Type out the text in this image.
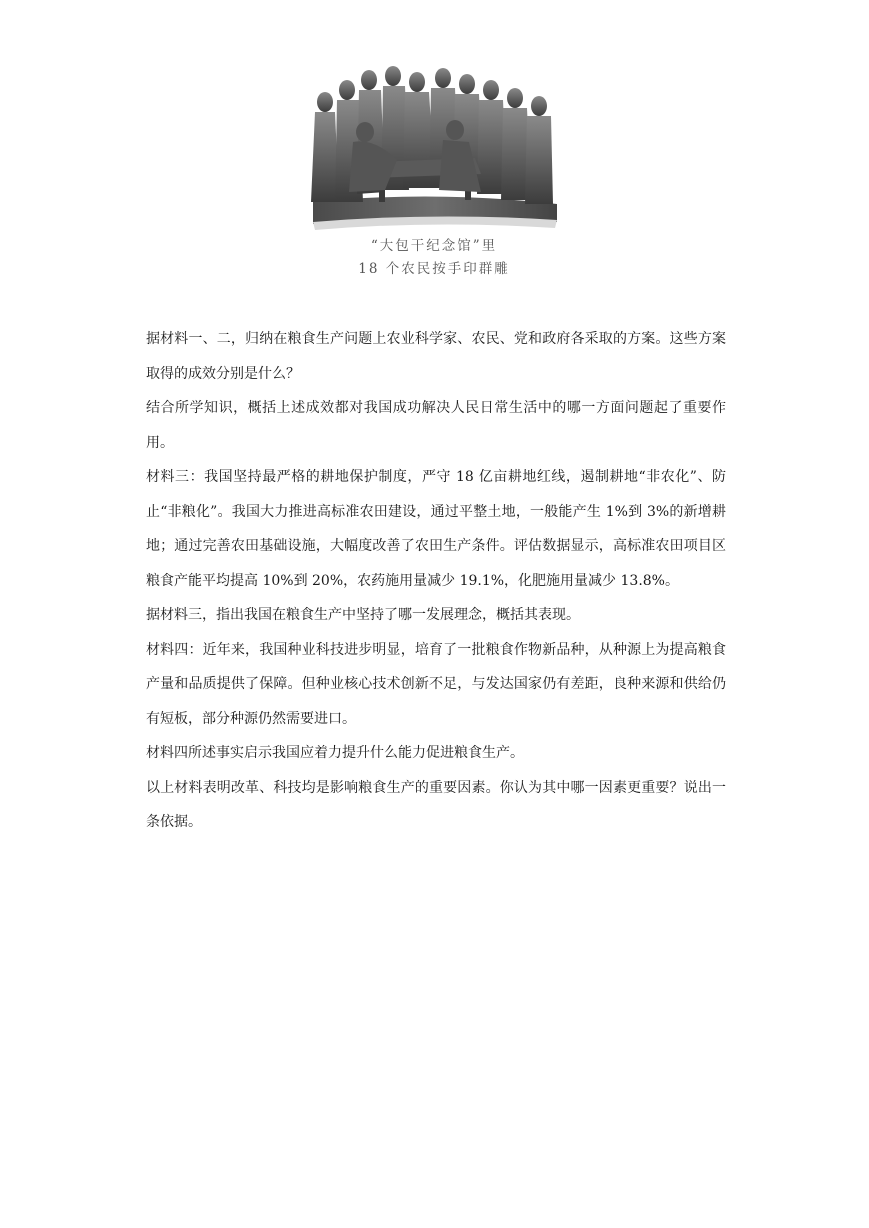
“大包干纪念馆”里
18 个农民按手印群雕

据材料一、二，归纳在粮食生产问题上农业科学家、农民、党和政府各采取的方案。这些方案取得的成效分别是什么？

结合所学知识，概括上述成效都对我国成功解决人民日常生活中的哪一方面问题起了重要作用。

材料三：我国坚持最严格的耕地保护制度，严守 18 亿亩耕地红线，遏制耕地“非农化”、防止“非粮化”。我国大力推进高标准农田建设，通过平整土地，一般能产生 1%到 3%的新增耕地；通过完善农田基础设施，大幅度改善了农田生产条件。评估数据显示，高标准农田项目区粮食产能平均提高 10%到 20%，农药施用量减少 19.1%，化肥施用量减少 13.8%。

据材料三，指出我国在粮食生产中坚持了哪一发展理念，概括其表现。

材料四：近年来，我国种业科技进步明显，培育了一批粮食作物新品种，从种源上为提高粮食产量和品质提供了保障。但种业核心技术创新不足，与发达国家仍有差距，良种来源和供给仍有短板，部分种源仍然需要进口。

材料四所述事实启示我国应着力提升什么能力促进粮食生产。

以上材料表明改革、科技均是影响粮食生产的重要因素。你认为其中哪一因素更重要？说出一条依据。
